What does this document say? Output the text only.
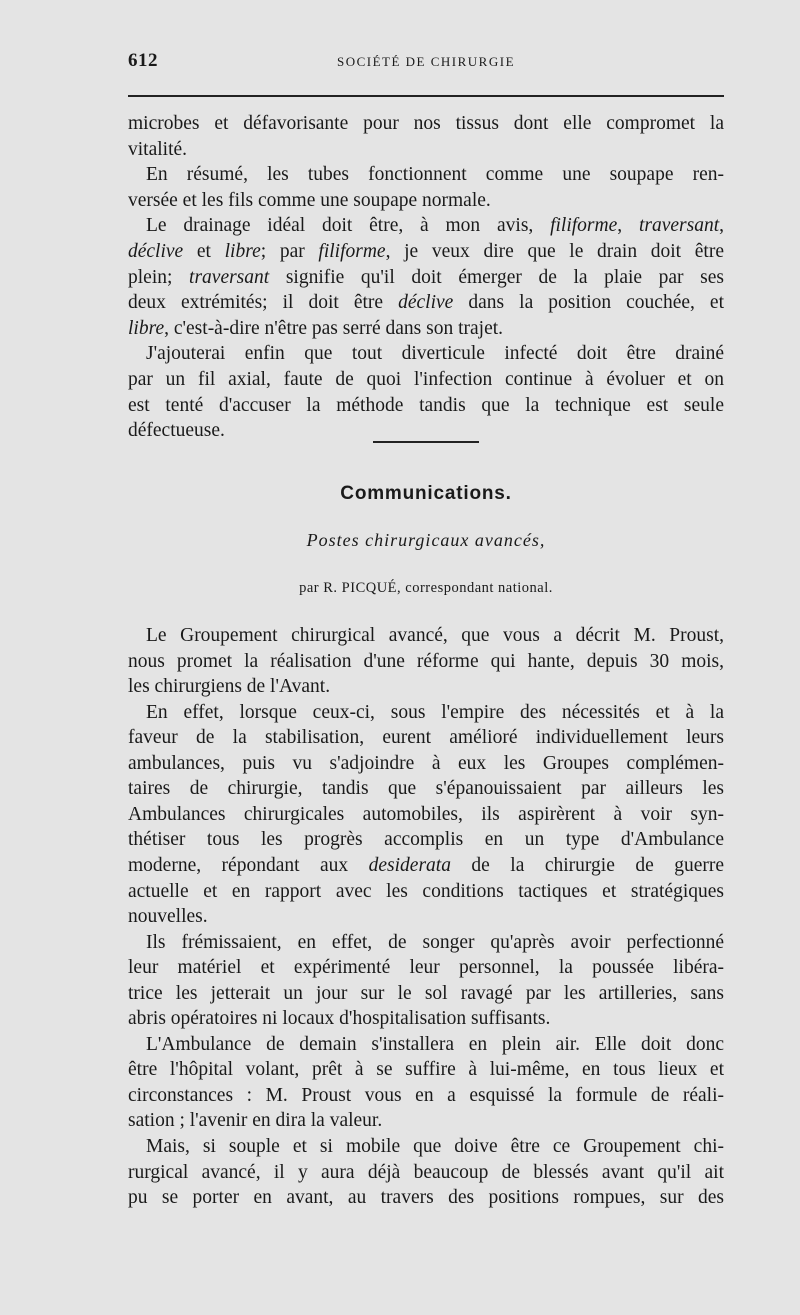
612	SOCIÉTÉ DE CHIRURGIE
microbes et défavorisante pour nos tissus dont elle compromet la
vitalité.
En résumé, les tubes fonctionnent comme une soupape ren-
versée et les fils comme une soupape normale.
Le drainage idéal doit être, à mon avis, filiforme, traversant,
déclive et libre; par filiforme, je veux dire que le drain doit être
plein; traversant signifie qu'il doit émerger de la plaie par ses
deux extrémités; il doit être déclive dans la position couchée, et
libre, c'est-à-dire n'être pas serré dans son trajet.
J'ajouterai enfin que tout diverticule infecté doit être drainé
par un fil axial, faute de quoi l'infection continue à évoluer et on
est tenté d'accuser la méthode tandis que la technique est seule
défectueuse.
Communications.
Postes chirurgicaux avancés,
par R. PICQUÉ, correspondant national.
Le Groupement chirurgical avancé, que vous a décrit M. Proust,
nous promet la réalisation d'une réforme qui hante, depuis 30 mois,
les chirurgiens de l'Avant.
En effet, lorsque ceux-ci, sous l'empire des nécessités et à la
faveur de la stabilisation, eurent amélioré individuellement leurs
ambulances, puis vu s'adjoindre à eux les Groupes complémen-
taires de chirurgie, tandis que s'épanouissaient par ailleurs les
Ambulances chirurgicales automobiles, ils aspirèrent à voir syn-
thétiser tous les progrès accomplis en un type d'Ambulance
moderne, répondant aux desiderata de la chirurgie de guerre
actuelle et en rapport avec les conditions tactiques et stratégiques
nouvelles.
Ils frémissaient, en effet, de songer qu'après avoir perfectionné
leur matériel et expérimenté leur personnel, la poussée libéra-
trice les jetterait un jour sur le sol ravagé par les artilleries, sans
abris opératoires ni locaux d'hospitalisation suffisants.
L'Ambulance de demain s'installera en plein air. Elle doit donc
être l'hôpital volant, prêt à se suffire à lui-même, en tous lieux et
circonstances : M. Proust vous en a esquissé la formule de réali-
sation ; l'avenir en dira la valeur.
Mais, si souple et si mobile que doive être ce Groupement chi-
rurgical avancé, il y aura déjà beaucoup de blessés avant qu'il ait
pu se porter en avant, au travers des positions rompues, sur des
